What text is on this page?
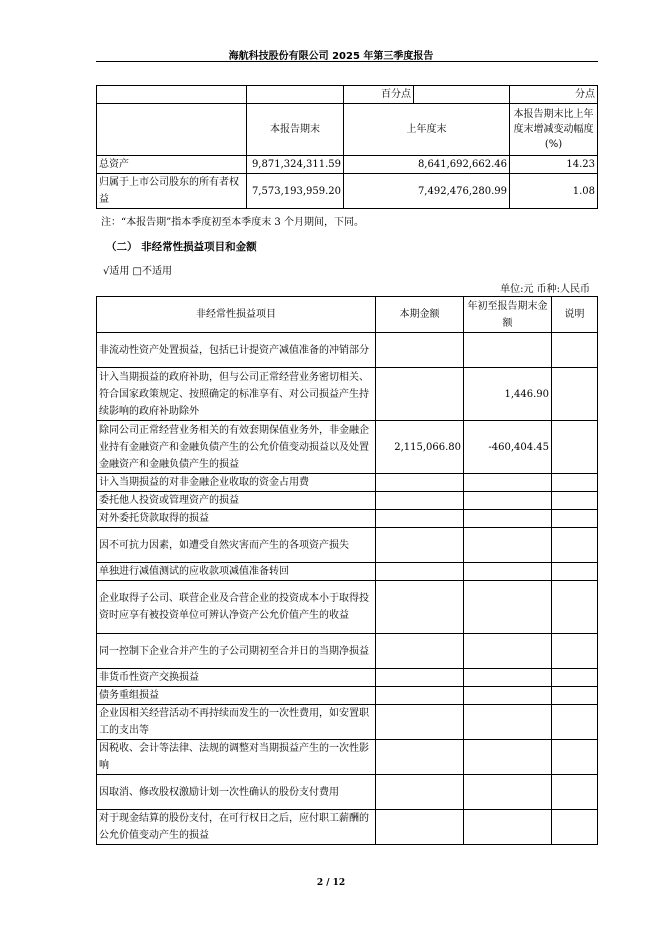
海航科技股份有限公司 2025 年第三季度报告
		百分点		分点
	本报告期末	上年度末		本报告期末比上年度末增减变动幅度(%)
总资产	9,871,324,311.59	8,641,692,662.46		14.23
归属于上市公司股东的所有者权益	7,573,193,959.20	7,492,476,280.99		1.08
注：“本报告期”指本季度初至本季度末 3 个月期间，下同。
（二） 非经常性损益项目和金额
√适用 □不适用
单位:元 币种:人民币
非经常性损益项目	本期金额	年初至报告期末金额	说明
非流动性资产处置损益，包括已计提资产减值准备的冲销部分			
计入当期损益的政府补助，但与公司正常经营业务密切相关、符合国家政策规定、按照确定的标准享有、对公司损益产生持续影响的政府补助除外		1,446.90	
除同公司正常经营业务相关的有效套期保值业务外，非金融企业持有金融资产和金融负债产生的公允价值变动损益以及处置金融资产和金融负债产生的损益	2,115,066.80	-460,404.45	
计入当期损益的对非金融企业收取的资金占用费			
委托他人投资或管理资产的损益			
对外委托贷款取得的损益			
因不可抗力因素，如遭受自然灾害而产生的各项资产损失			
单独进行减值测试的应收款项减值准备转回			
企业取得子公司、联营企业及合营企业的投资成本小于取得投资时应享有被投资单位可辨认净资产公允价值产生的收益			
同一控制下企业合并产生的子公司期初至合并日的当期净损益			
非货币性资产交换损益			
债务重组损益			
企业因相关经营活动不再持续而发生的一次性费用，如安置职工的支出等			
因税收、会计等法律、法规的调整对当期损益产生的一次性影响			
因取消、修改股权激励计划一次性确认的股份支付费用			
对于现金结算的股份支付，在可行权日之后，应付职工薪酬的公允价值变动产生的损益			
2 / 12
